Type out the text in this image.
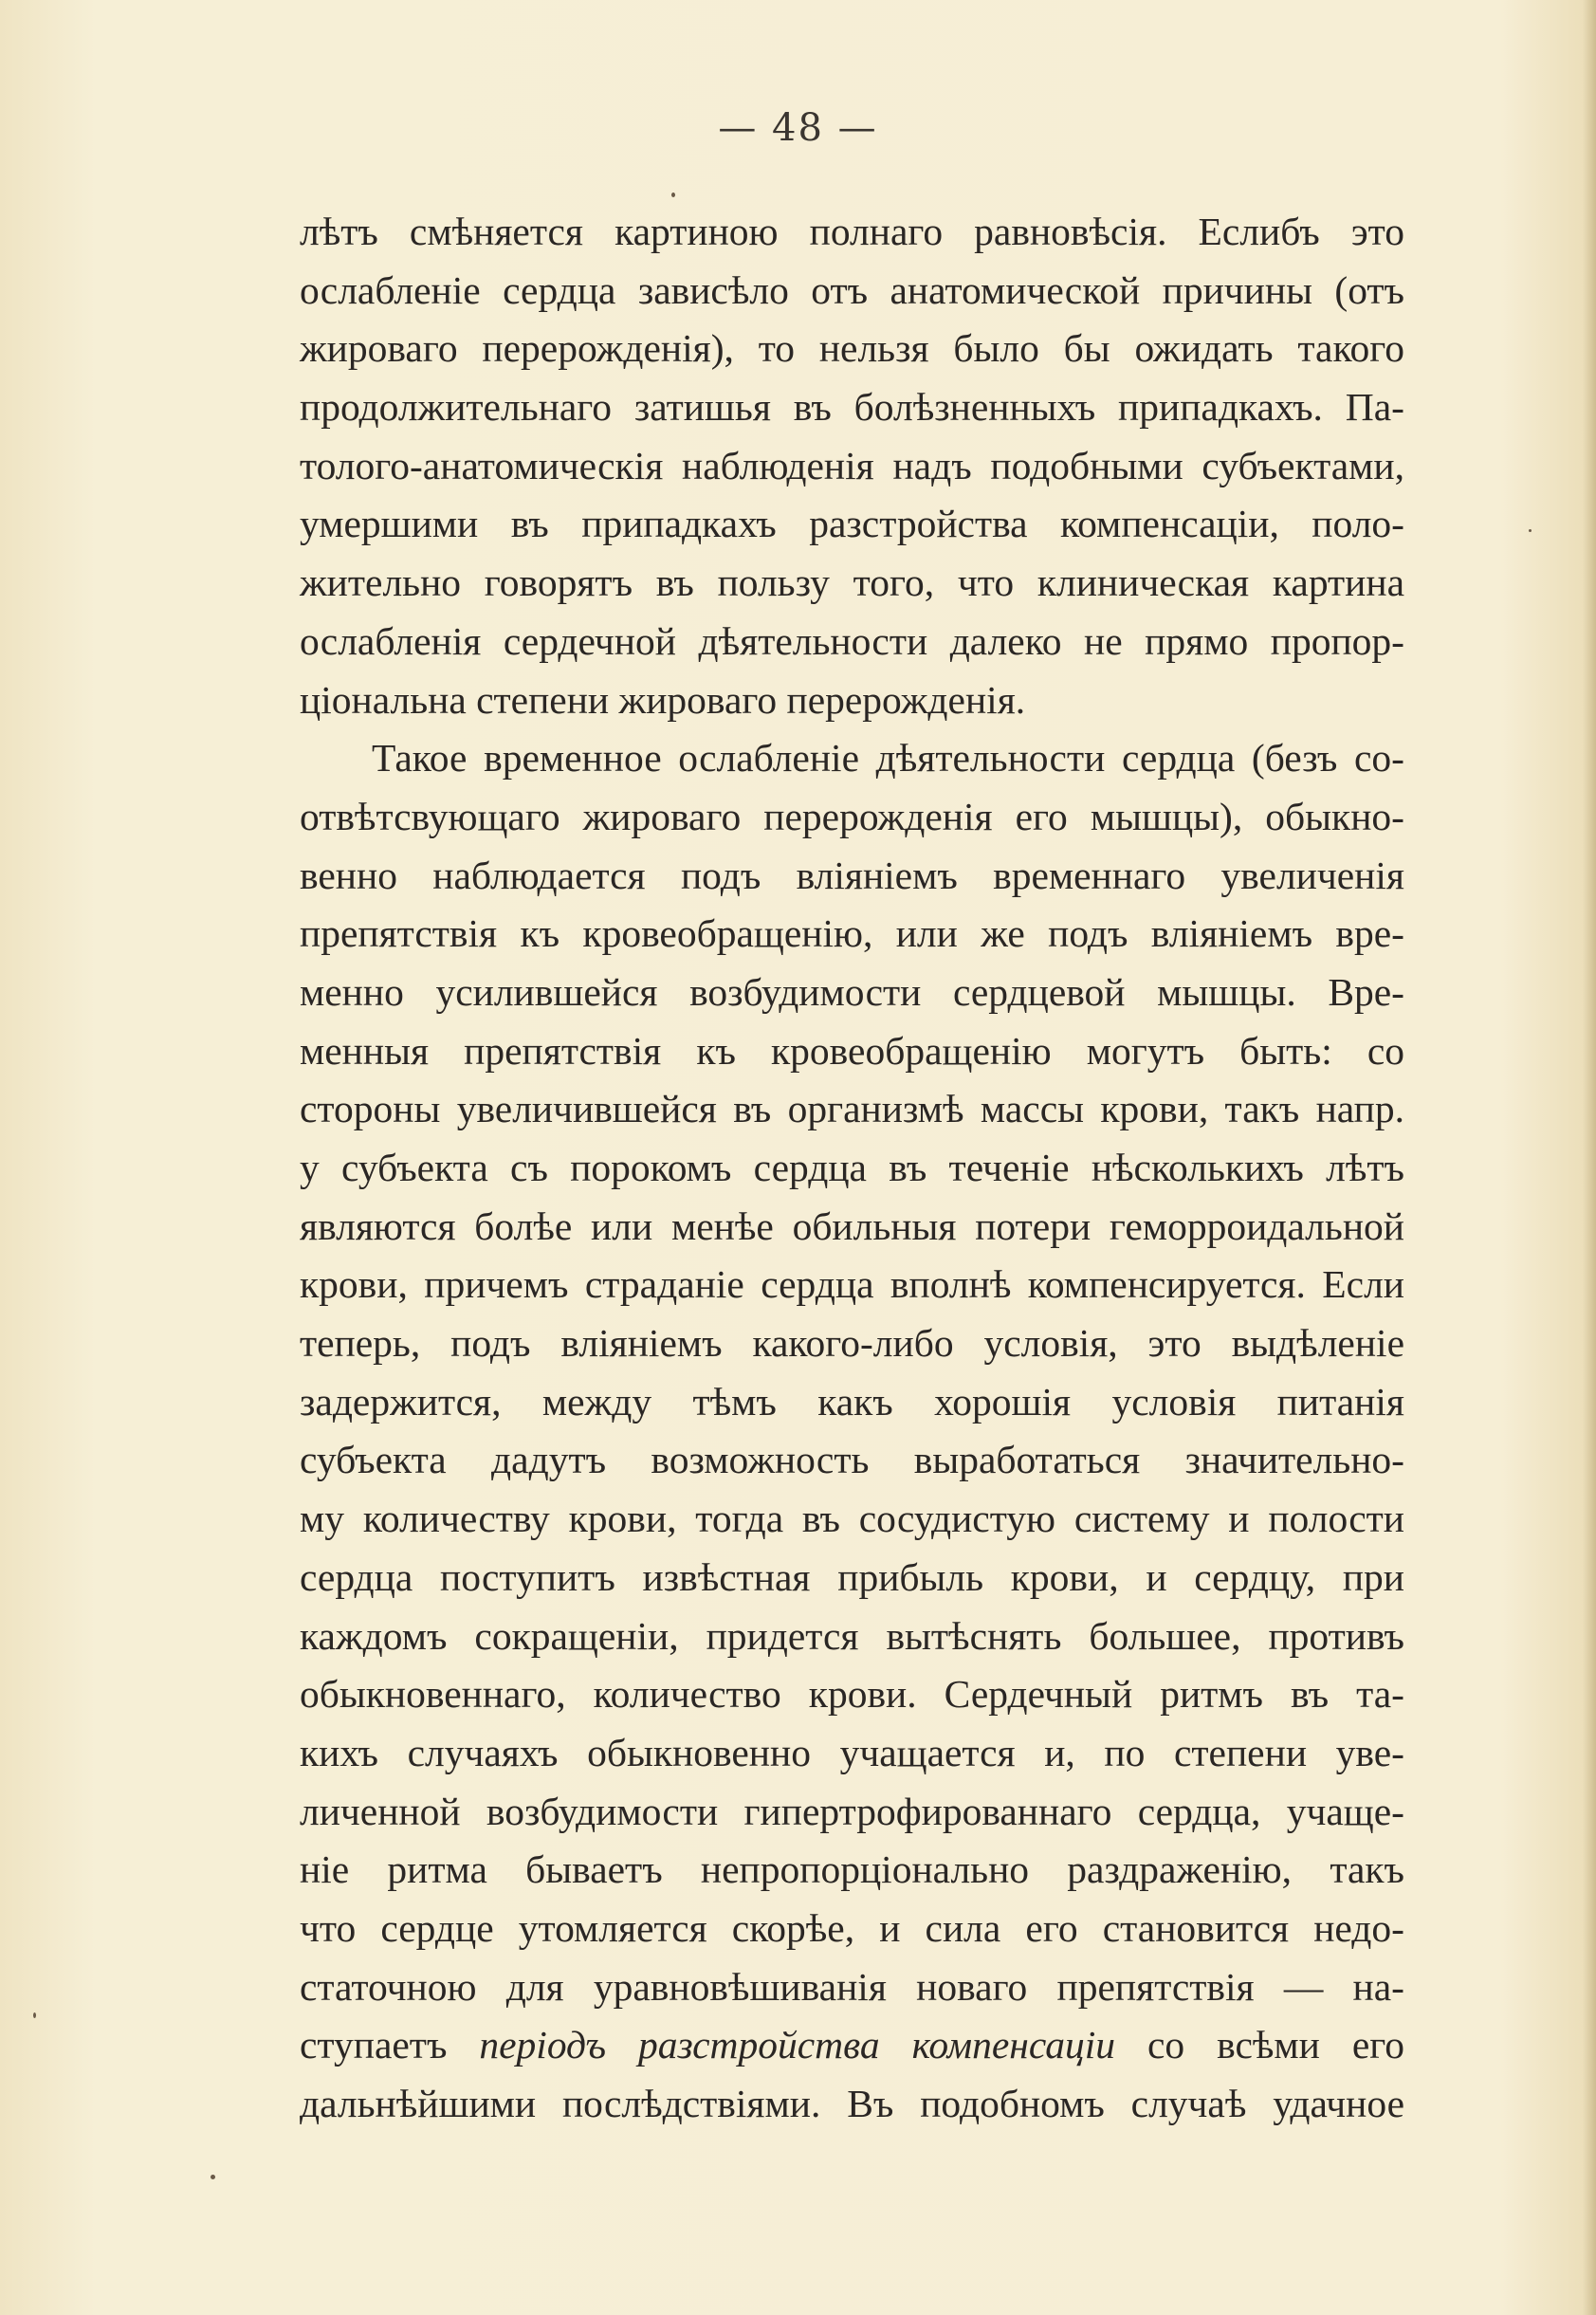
— 48 —
лѣтъ смѣняется картиною полнаго равновѣсія. Еслибъ это
ослабленіе сердца зависѣло отъ анатомической причины (отъ
жироваго перерожденія), то нельзя было бы ожидать такого
продолжительнаго затишья въ болѣзненныхъ припадкахъ. Па-
толого-анатомическія наблюденія надъ подобными субъектами,
умершими въ припадкахъ разстройства компенсаціи, поло-
жительно говорятъ въ пользу того, что клиническая картина
ослабленія сердечной дѣятельности далеко не прямо пропор-
ціональна степени жироваго перерожденія.
Такое временное ослабленіе дѣятельности сердца (безъ со-
отвѣтсвующаго жироваго перерожденія его мышцы), обыкно-
венно наблюдается подъ вліяніемъ временнаго увеличенія
препятствія къ кровеобращенію, или же подъ вліяніемъ вре-
менно усилившейся возбудимости сердцевой мышцы. Вре-
менныя препятствія къ кровеобращенію могутъ быть: со
стороны увеличившейся въ организмѣ массы крови, такъ напр.
у субъекта съ порокомъ сердца въ теченіе нѣсколькихъ лѣтъ
являются болѣе или менѣе обильныя потери геморроидальной
крови, причемъ страданіе сердца вполнѣ компенсируется. Если
теперь, подъ вліяніемъ какого-либо условія, это выдѣленіе
задержится, между тѣмъ какъ хорошія условія питанія
субъекта дадутъ возможность выработаться значительно-
му количеству крови, тогда въ сосудистую систему и полости
сердца поступитъ извѣстная прибыль крови, и сердцу, при
каждомъ сокращеніи, придется вытѣснять большее, противъ
обыкновеннаго, количество крови. Сердечный ритмъ въ та-
кихъ случаяхъ обыкновенно учащается и, по степени уве-
личенной возбудимости гипертрофированнаго сердца, учаще-
ніе ритма бываетъ непропорціонально раздраженію, такъ
что сердце утомляется скорѣе, и сила его становится недо-
статочною для уравновѣшиванія новаго препятствія — на-
ступаетъ періодъ разстройства компенсаціи со всѣми его
дальнѣйшими послѣдствіями. Въ подобномъ случаѣ удачное
